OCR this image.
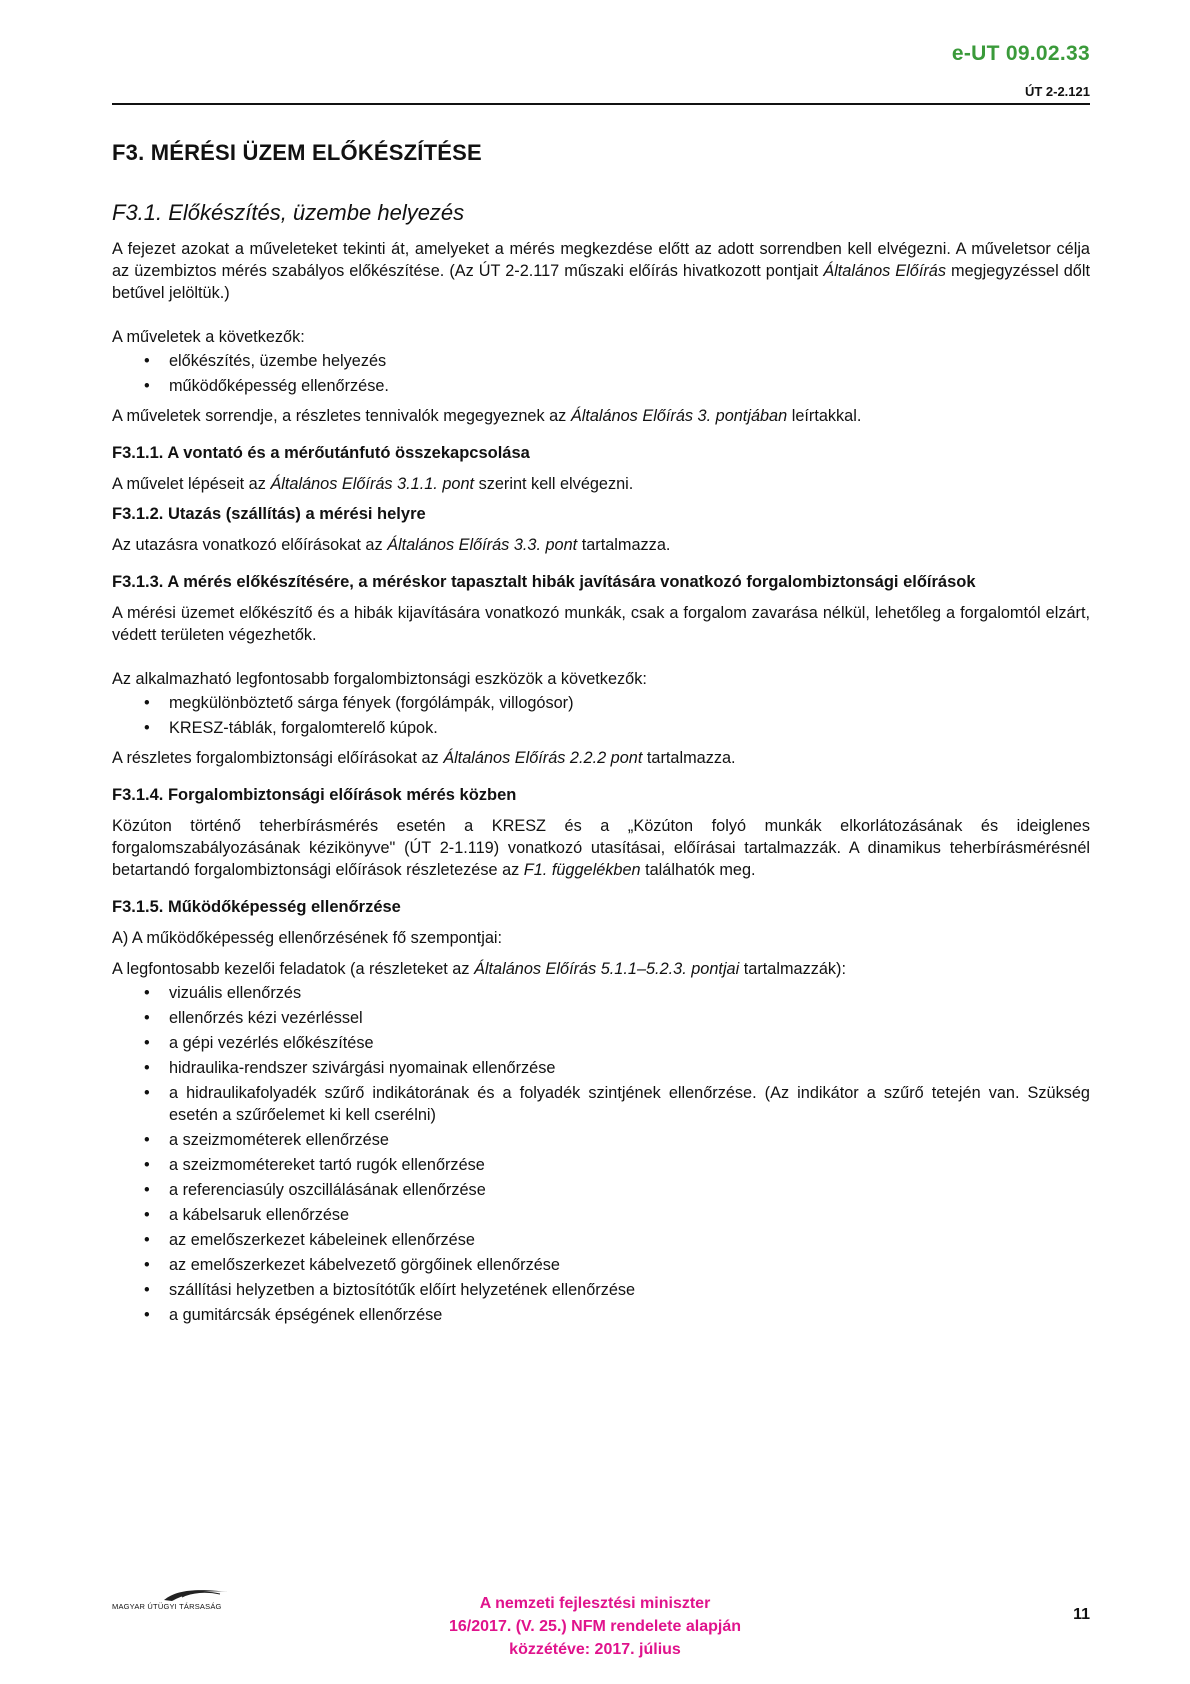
e-UT 09.02.33
ÚT 2-2.121
F3. MÉRÉSI ÜZEM ELŐKÉSZÍTÉSE
F3.1. Előkészítés, üzembe helyezés

A fejezet azokat a műveleteket tekinti át, amelyeket a mérés megkezdése előtt az adott sorrendben kell elvégezni. A műveletsor célja az üzembiztos mérés szabályos előkészítése. (Az ÚT 2-2.117 műszaki előírás hivatkozott pontjait Általános Előírás megjegyzéssel dőlt betűvel jelöltük.)

A műveletek a következők:

• előkészítés, üzembe helyezés
• működőképesség ellenőrzése.

A műveletek sorrendje, a részletes tennivalók megegyeznek az Általános Előírás 3. pontjában leírtakkal.

F3.1.1. A vontató és a mérőutánfutó összekapcsolása

A művelet lépéseit az Általános Előírás 3.1.1. pont szerint kell elvégezni.

F3.1.2. Utazás (szállítás) a mérési helyre

Az utazásra vonatkozó előírásokat az Általános Előírás 3.3. pont tartalmazza.

F3.1.3. A mérés előkészítésére, a méréskor tapasztalt hibák javítására vonatkozó forgalombiztonsági előírások

A mérési üzemet előkészítő és a hibák kijavítására vonatkozó munkák, csak a forgalom zavarása nélkül, lehetőleg a forgalomtól elzárt, védett területen végezhetők.

Az alkalmazható legfontosabb forgalombiztonsági eszközök a következők:

• megkülönböztető sárga fények (forgólámpák, villogósor)
• KRESZ-táblák, forgalomterelő kúpok.

A részletes forgalombiztonsági előírásokat az Általános Előírás 2.2.2 pont tartalmazza.

F3.1.4. Forgalombiztonsági előírások mérés közben

Közúton történő teherbírásmérés esetén a KRESZ és a „Közúton folyó munkák elkorlátozásának és ideiglenes forgalomszabályozásának kézikönyve" (ÚT 2-1.119) vonatkozó utasításai, előírásai tartalmazzák. A dinamikus teherbírásmérésnél betartandó forgalombiztonsági előírások részletezése az F1. függelékben találhatók meg.

F3.1.5. Működőképesség ellenőrzése

A) A működőképesség ellenőrzésének fő szempontjai:

A legfontosabb kezelői feladatok (a részleteket az Általános Előírás 5.1.1–5.2.3. pontjai tartalmazzák):

• vizuális ellenőrzés
• ellenőrzés kézi vezérléssel
• a gépi vezérlés előkészítése
• hidraulika-rendszer szivárgási nyomainak ellenőrzése
• a hidraulikafolyadék szűrő indikátorának és a folyadék szintjének ellenőrzése. (Az indikátor a szűrő tetején van. Szükség esetén a szűrőelemet ki kell cserélni)
• a szeizmométerek ellenőrzése
• a szeizmométereket tartó rugók ellenőrzése
• a referenciasúly oszcillálásának ellenőrzése
• a kábelsaruk ellenőrzése
• az emelőszerkezet kábeleinek ellenőrzése
• az emelőszerkezet kábelvezető görgőinek ellenőrzése
• szállítási helyzetben a biztosítótűk előírt helyzetének ellenőrzése
• a gumitárcsák épségének ellenőrzése
MAGYAR ÚTÜGYI TÁRSASÁG	A nemzeti fejlesztési miniszter
16/2017. (V. 25.) NFM rendelete alapján
közzétéve: 2017. július
11
